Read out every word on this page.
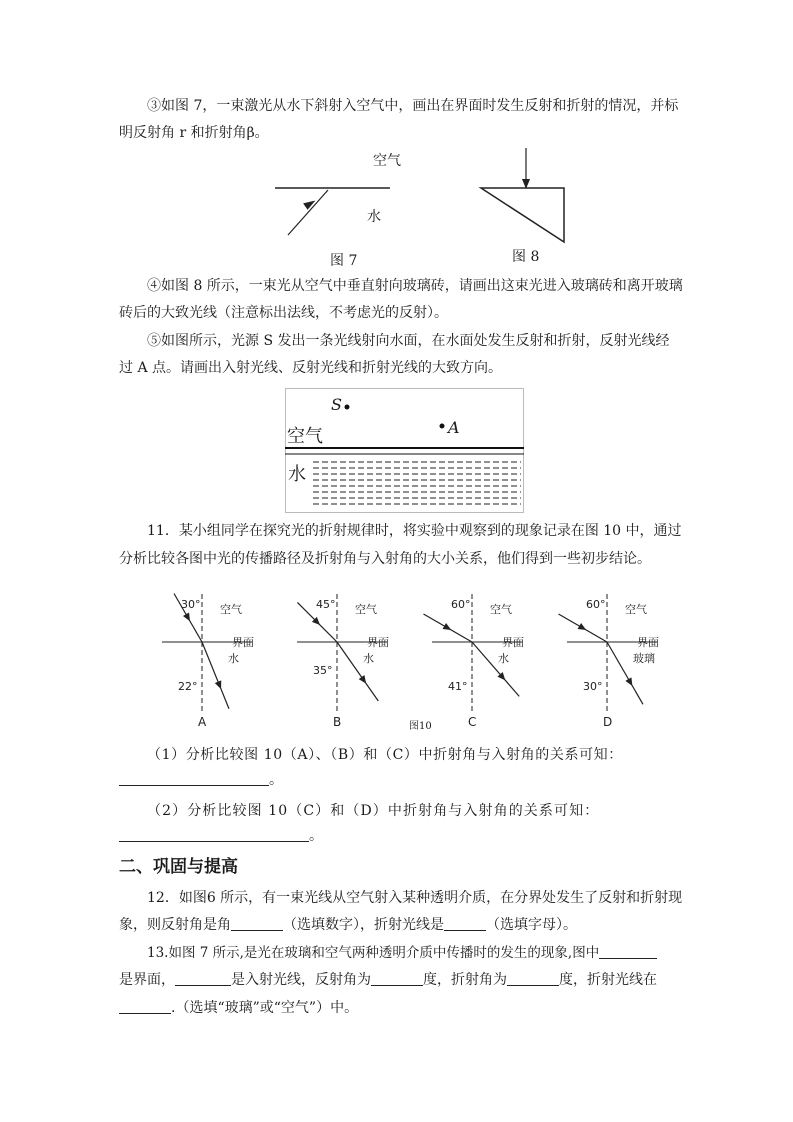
③如图 7，一束激光从水下斜射入空气中，画出在界面时发生反射和折射的情况，并标
明反射角 r 和折射角β。
空气
水
图 7	图 8
④如图 8 所示，一束光从空气中垂直射向玻璃砖，请画出这束光进入玻璃砖和离开玻璃
砖后的大致光线（注意标出法线，不考虑光的反射）。
⑤如图所示，光源 S 发出一条光线射向水面，在水面处发生反射和折射，反射光线经
过 A 点。请画出入射光线、反射光线和折射光线的大致方向。
S
A
空气
水
11．某小组同学在探究光的折射规律时，将实验中观察到的现象记录在图 10 中，通过
分析比较各图中光的传播路径及折射角与入射角的大小关系，他们得到一些初步结论。
30°
22°
空气
水
界面
A
45°
35°
空气
水
界面
B
60°
41°
空气
水
界面
C
60°
30°
空气
玻璃
界面
D
图10
（1）分析比较图 10（A）、（B）和（C）中折射角与入射角的关系可知：
。
（2）分析比较图 10（C）和（D）中折射角与入射角的关系可知：
。
二、巩固与提高
12．如图6 所示，有一束光线从空气射入某种透明介质，在分界处发生了反射和折射现
象，则反射角是角	（选填数字），折射光线是	（选填字母）。
13.如图 7 所示,是光在玻璃和空气两种透明介质中传播时的发生的现象,图中
是界面，	是入射光线，反射角为	度，折射角为	度，折射光线在
.（选填“玻璃”或“空气”）中。
